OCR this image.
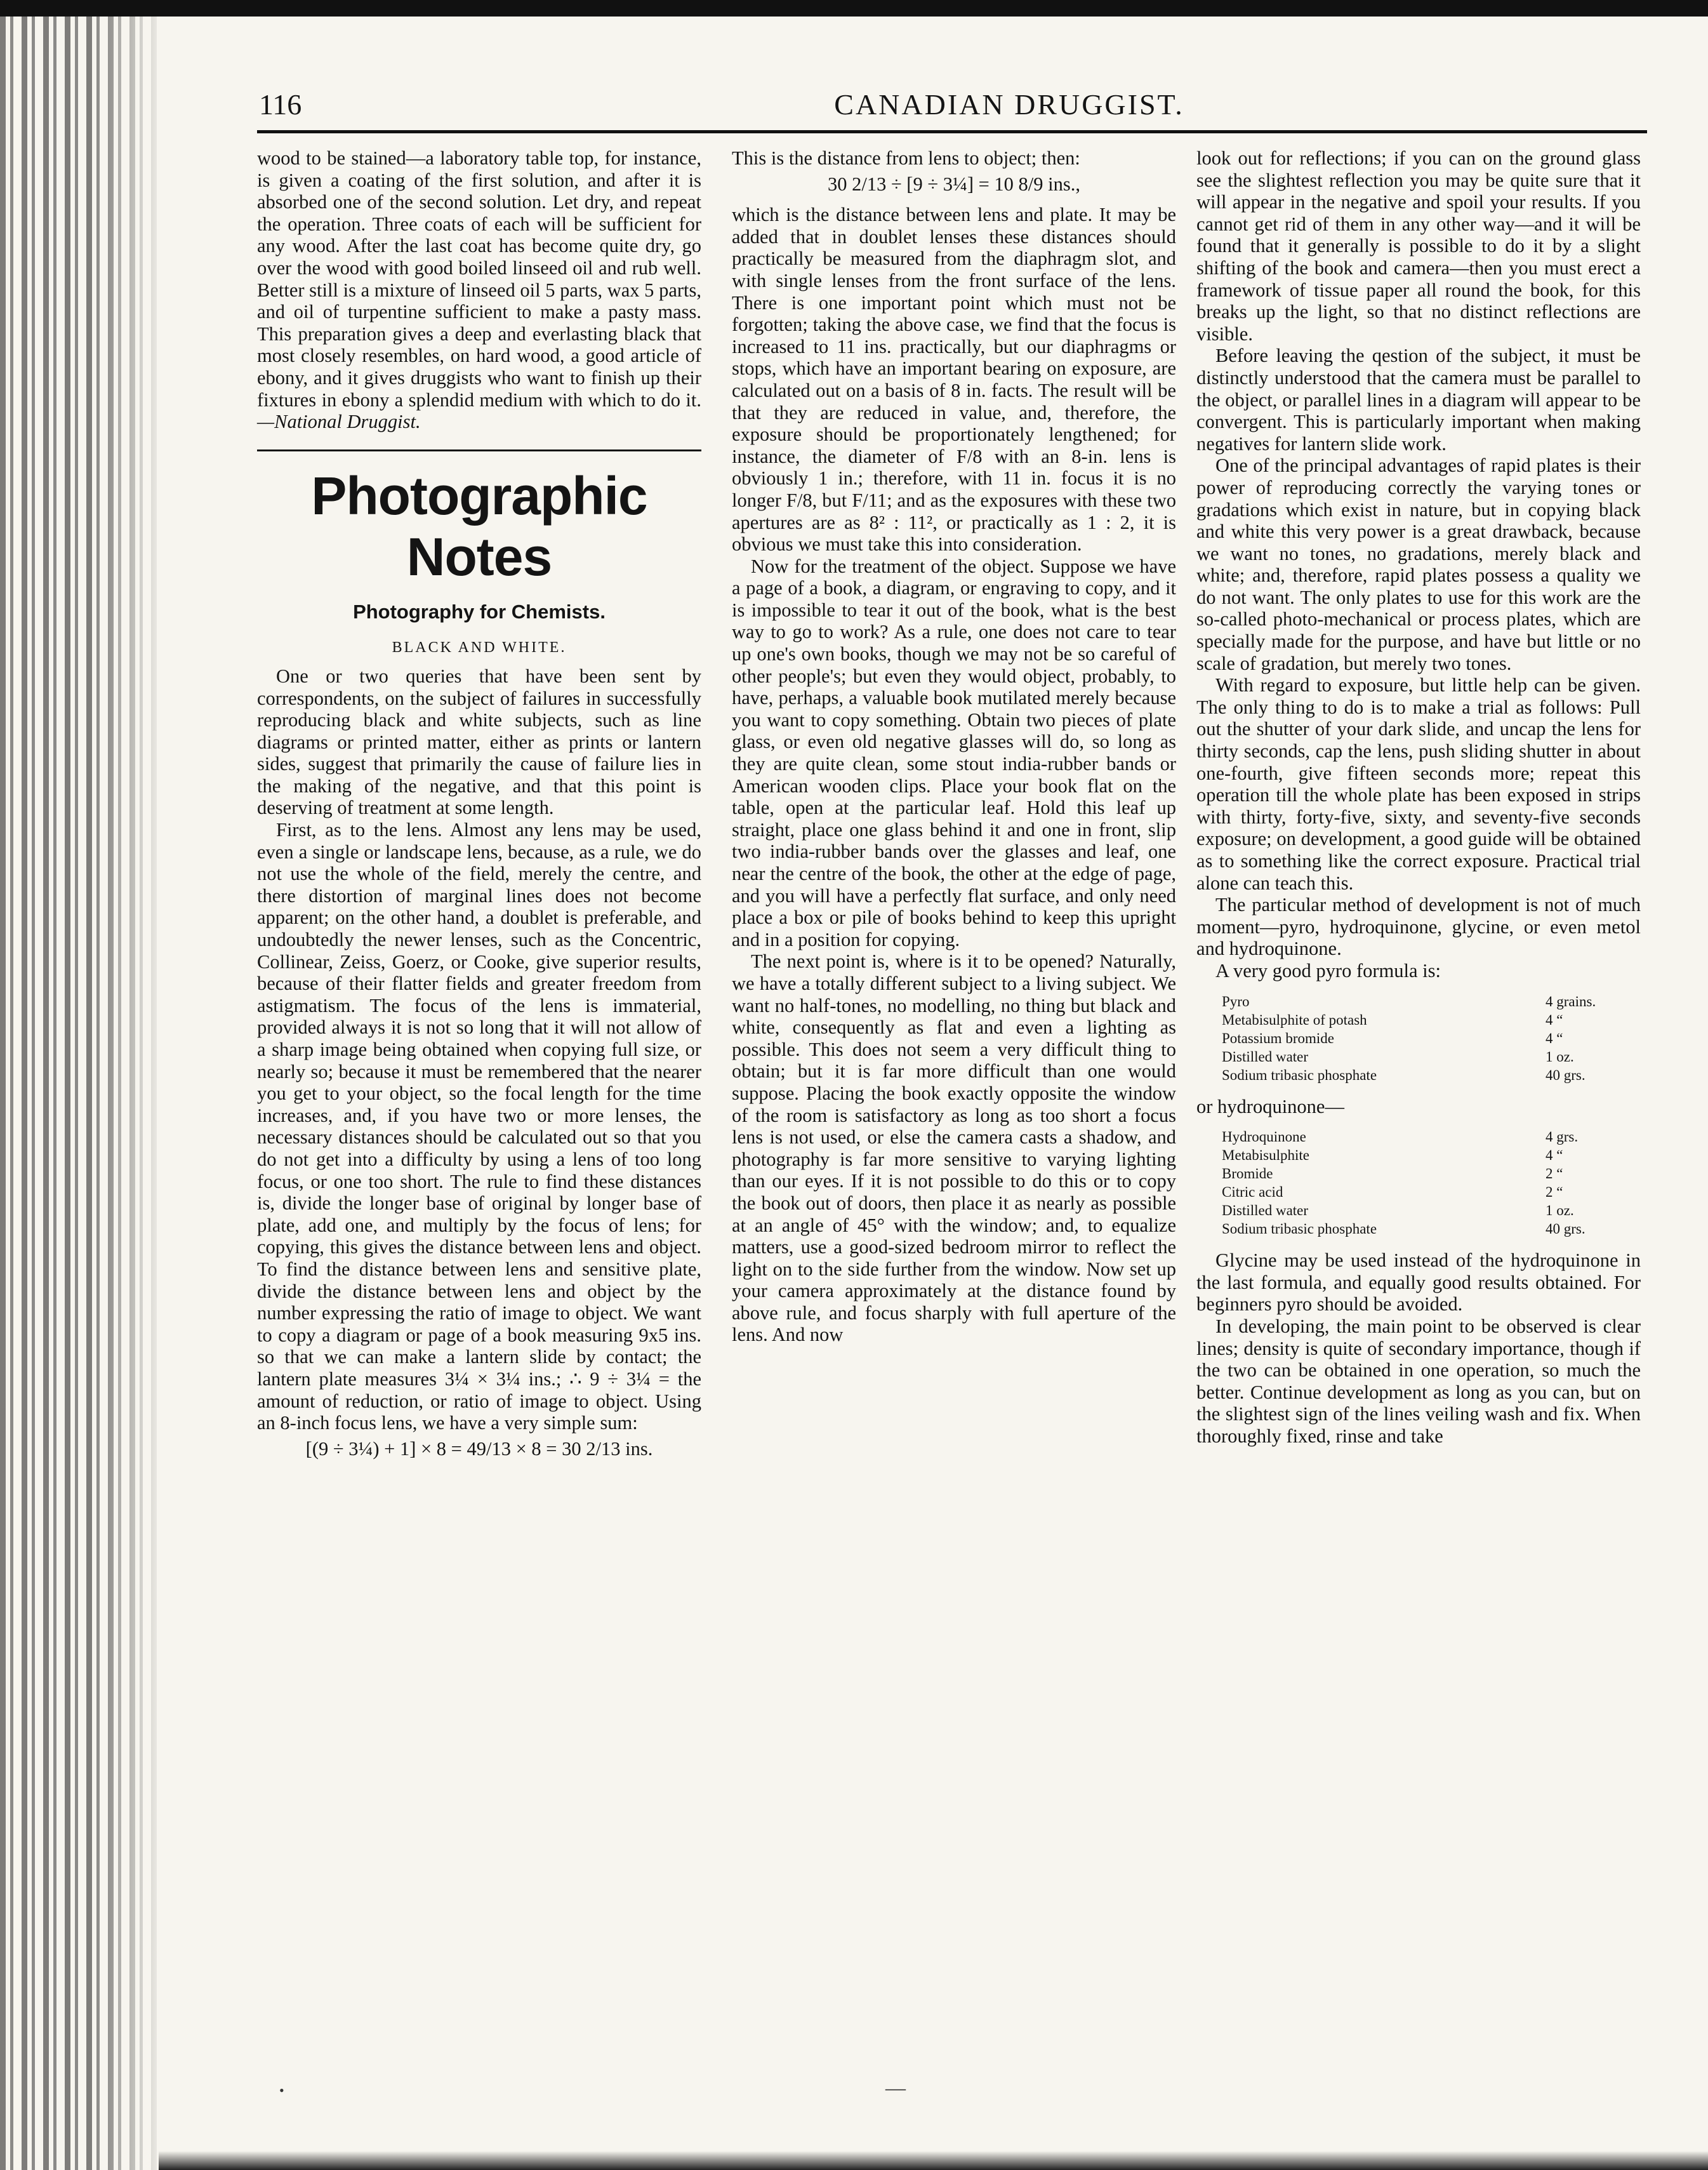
116	CANADIAN DRUGGIST.

wood to be stained—a laboratory table top, for instance, is given a coating of the first solution, and after it is absorbed one of the second solution. Let dry, and repeat the operation. Three coats of each will be sufficient for any wood. After the last coat has become quite dry, go over the wood with good boiled linseed oil and rub well. Better still is a mixture of linseed oil 5 parts, wax 5 parts, and oil of turpentine sufficient to make a pasty mass. This preparation gives a deep and everlasting black that most closely resembles, on hard wood, a good article of ebony, and it gives druggists who want to finish up their fixtures in ebony a splendid medium with which to do it. —National Druggist.

Photographic Notes
Photography for Chemists.
BLACK AND WHITE.

One or two queries that have been sent by correspondents, on the subject of failures in successfully reproducing black and white subjects, such as line diagrams or printed matter, either as prints or lantern sides, suggest that primarily the cause of failure lies in the making of the negative, and that this point is deserving of treatment at some length.

First, as to the lens. Almost any lens may be used, even a single or landscape lens, because, as a rule, we do not use the whole of the field, merely the centre, and there distortion of marginal lines does not become apparent; on the other hand, a doublet is preferable, and undoubtedly the newer lenses, such as the Concentric, Collinear, Zeiss, Goerz, or Cooke, give superior results, because of their flatter fields and greater freedom from astigmatism. The focus of the lens is immaterial, provided always it is not so long that it will not allow of a sharp image being obtained when copying full size, or nearly so; because it must be remembered that the nearer you get to your object, so the focal length for the time increases, and, if you have two or more lenses, the necessary distances should be calculated out so that you do not get into a difficulty by using a lens of too long focus, or one too short. The rule to find these distances is, divide the longer base of original by longer base of plate, add one, and multiply by the focus of lens; for copying, this gives the distance between lens and object. To find the distance between lens and sensitive plate, divide the distance between lens and object by the number expressing the ratio of image to object. We want to copy a diagram or page of a book measuring 9x5 ins. so that we can make a lantern slide by contact; the lantern plate measures 3¼ × 3¼ ins.; ∴ 9 ÷ 3¼ = the amount of reduction, or ratio of image to object. Using an 8-inch focus lens, we have a very simple sum:

[(9 ÷ 3¼) + 1] × 8 = 49/13 × 8 = 30 2/13 ins.

This is the distance from lens to object; then:

30 2/13 ÷ [9 ÷ 3¼] = 10 8/9 ins.,

which is the distance between lens and plate. It may be added that in doublet lenses these distances should practically be measured from the diaphragm slot, and with single lenses from the front surface of the lens. There is one important point which must not be forgotten; taking the above case, we find that the focus is increased to 11 ins. practically, but our diaphragms or stops, which have an important bearing on exposure, are calculated out on a basis of 8 in. facts. The result will be that they are reduced in value, and, therefore, the exposure should be proportionately lengthened; for instance, the diameter of F/8 with an 8-in. lens is obviously 1 in.; therefore, with 11 in. focus it is no longer F/8, but F/11; and as the exposures with these two apertures are as 8² : 11², or practically as 1 : 2, it is obvious we must take this into consideration.

Now for the treatment of the object. Suppose we have a page of a book, a diagram, or engraving to copy, and it is impossible to tear it out of the book, what is the best way to go to work? As a rule, one does not care to tear up one's own books, though we may not be so careful of other people's; but even they would object, probably, to have, perhaps, a valuable book mutilated merely because you want to copy something. Obtain two pieces of plate glass, or even old negative glasses will do, so long as they are quite clean, some stout india-rubber bands or American wooden clips. Place your book flat on the table, open at the particular leaf. Hold this leaf up straight, place one glass behind it and one in front, slip two india-rubber bands over the glasses and leaf, one near the centre of the book, the other at the edge of page, and you will have a perfectly flat surface, and only need place a box or pile of books behind to keep this upright and in a position for copying.

The next point is, where is it to be opened? Naturally, we have a totally different subject to a living subject. We want no half-tones, no modelling, no thing but black and white, consequently as flat and even a lighting as possible. This does not seem a very difficult thing to obtain; but it is far more difficult than one would suppose. Placing the book exactly opposite the window of the room is satisfactory as long as too short a focus lens is not used, or else the camera casts a shadow, and photography is far more sensitive to varying lighting than our eyes. If it is not possible to do this or to copy the book out of doors, then place it as nearly as possible at an angle of 45° with the window; and, to equalize matters, use a good-sized bedroom mirror to reflect the light on to the side further from the window. Now set up your camera approximately at the distance found by above rule, and focus sharply with full aperture of the lens. And now

look out for reflections; if you can on the ground glass see the slightest reflection you may be quite sure that it will appear in the negative and spoil your results. If you cannot get rid of them in any other way—and it will be found that it generally is possible to do it by a slight shifting of the book and camera—then you must erect a framework of tissue paper all round the book, for this breaks up the light, so that no distinct reflections are visible.

Before leaving the qestion of the subject, it must be distinctly understood that the camera must be parallel to the object, or parallel lines in a diagram will appear to be convergent. This is particularly important when making negatives for lantern slide work.

One of the principal advantages of rapid plates is their power of reproducing correctly the varying tones or gradations which exist in nature, but in copying black and white this very power is a great drawback, because we want no tones, no gradations, merely black and white; and, therefore, rapid plates possess a quality we do not want. The only plates to use for this work are the so-called photo-mechanical or process plates, which are specially made for the purpose, and have but little or no scale of gradation, but merely two tones.

With regard to exposure, but little help can be given. The only thing to do is to make a trial as follows: Pull out the shutter of your dark slide, and uncap the lens for thirty seconds, cap the lens, push sliding shutter in about one-fourth, give fifteen seconds more; repeat this operation till the whole plate has been exposed in strips with thirty, forty-five, sixty, and seventy-five seconds exposure; on development, a good guide will be obtained as to something like the correct exposure. Practical trial alone can teach this.

The particular method of development is not of much moment—pyro, hydroquinone, glycine, or even metol and hydroquinone.

A very good pyro formula is:

Pyro	4 grains.
Metabisulphite of potash	4 “
Potassium bromide	4 “
Distilled water	1 oz.
Sodium tribasic phosphate	40 grs.

or hydroquinone—

Hydroquinone	4 grs.
Metabisulphite	4 “
Bromide	2 “
Citric acid	2 “
Distilled water	1 oz.
Sodium tribasic phosphate	40 grs.

Glycine may be used instead of the hydroquinone in the last formula, and equally good results obtained. For beginners pyro should be avoided.

In developing, the main point to be observed is clear lines; density is quite of secondary importance, though if the two can be obtained in one operation, so much the better. Continue development as long as you can, but on the slightest sign of the lines veiling wash and fix. When thoroughly fixed, rinse and take

—
•
